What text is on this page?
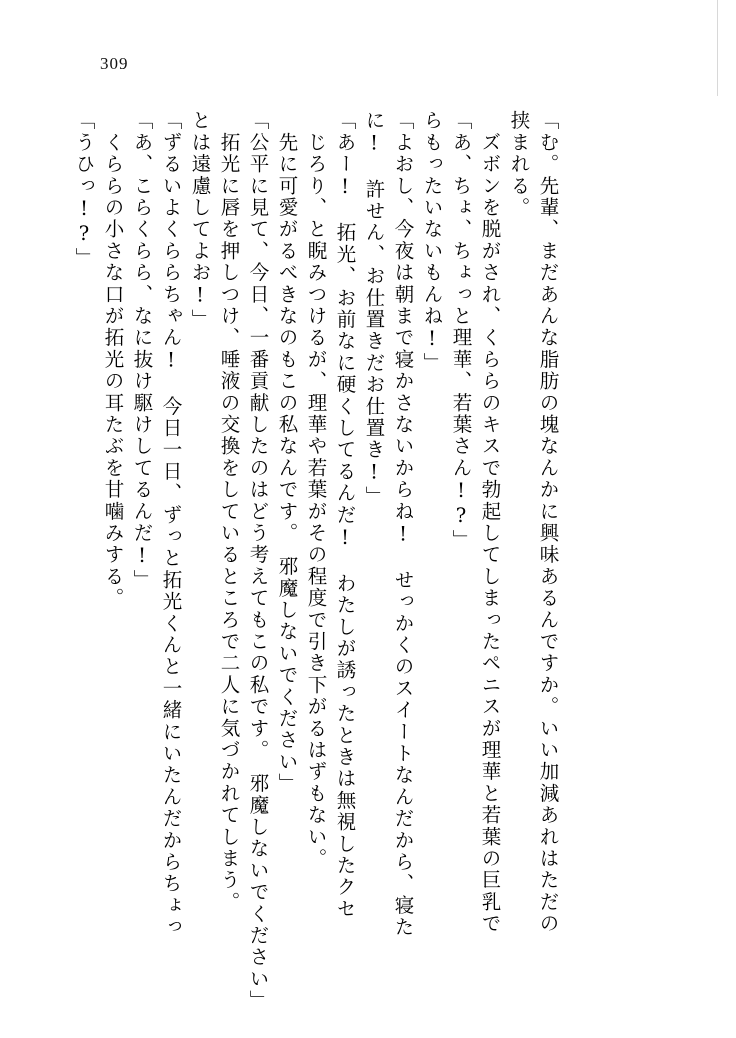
309
「うひっ!?」 　くららの小さな口が拓光の耳たぶを甘噛みする。 「あ、こらくらら、なに抜け駆けしてるんだ!」 「ずるいよくららちゃん!　今日一日、ずっと拓光くんと一緒にいたんだからちょっ とは遠慮してよお!」 　拓光に唇を押しつけ、唾液の交換をしているところで二人に気づかれてしまう。 「公平に見て、今日、一番貢献したのはどう考えてもこの私です。　邪魔しないでください」 　先に可愛がるべきなのもこの私なんです。　邪魔しないでください」 　じろり、と睨みつけるが、理華や若葉がその程度で引き下がるはずもない。 「あー!　拓光、お前なに硬くしてるんだ!　わたしが誘ったときは無視したクセ に!　許せん、お仕置きだお仕置き!」 「よおし、今夜は朝まで寝かさないからね!　せっかくのスイートなんだから、寝た らもったいないもんね!」 「あ、ちょ、ちょっと理華、若葉さん!?」 　ズボンを脱がされ、くららのキスで勃起してしまったペニスが理華と若葉の巨乳で 挟まれる。 「む。先輩、まだあんな脂肪の塊なんかに興味あるんですか。いい加減あれはただの
